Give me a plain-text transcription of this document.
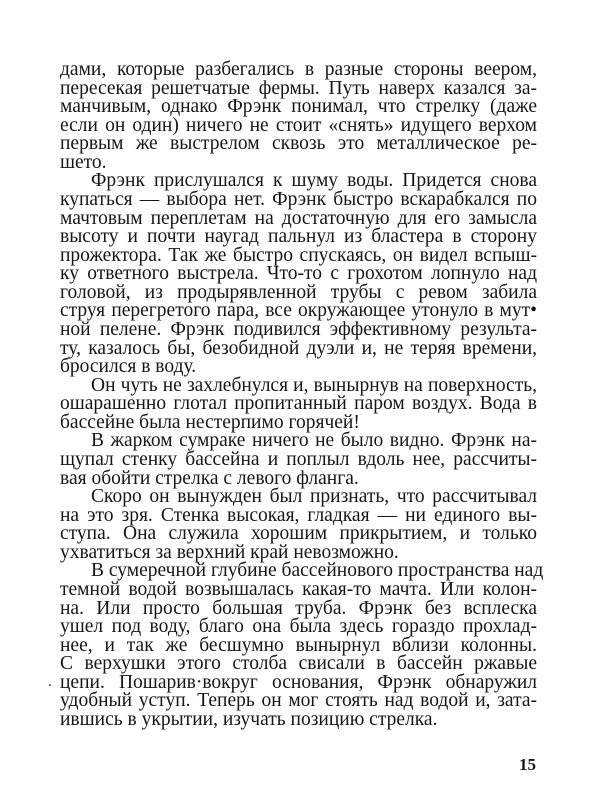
дами, которые разбегались в разные стороны веером,
пересекая решетчатые фермы. Путь наверх казался за-
манчивым, однако Фрэнк понимал, что стрелку (даже
если он один) ничего не стоит «снять» идущего верхом
первым же выстрелом сквозь это металлическое ре-
шето.
Фрэнк прислушался к шуму воды. Придется снова
купаться — выбора нет. Фрэнк быстро вскарабкался по
мачтовым переплетам на достаточную для его замысла
высоту и почти наугад пальнул из бластера в сторону
прожектора. Так же быстро спускаясь, он видел вспыш-
ку ответного выстрела. Что-то с грохотом лопнуло над
головой, из продырявленной трубы с ревом забила
струя перегретого пара, все окружающее утонуло в мут•
ной пелене. Фрэнк подивился эффективному результа-
ту, казалось бы, безобидной дуэли и, не теряя времени,
бросился в воду.
Он чуть не захлебнулся и, вынырнув на поверхность,
ошарашенно глотал пропитанный паром воздух. Вода в
бассейне была нестерпимо горячей!
В жарком сумраке ничего не было видно. Фрэнк на-
щупал стенку бассейна и поплыл вдоль нее, рассчиты-
вая обойти стрелка с левого фланга.
Скоро он вынужден был признать, что рассчитывал
на это зря. Стенка высокая, гладкая — ни единого вы-
ступа. Она служила хорошим прикрытием, и только
ухватиться за верхний край невозможно.
В сумеречной глубине бассейнового пространства над
темной водой возвышалась какая-то мачта. Или колон-
на. Или просто большая труба. Фрэнк без всплеска
ушел под воду, благо она была здесь гораздо прохлад-
нее, и так же бесшумно вынырнул вблизи колонны.
С верхушки этого столба свисали в бассейн ржавые
цепи. Пошарив·вокруг основания, Фрэнк обнаружил
удобный уступ. Теперь он мог стоять над водой и, зата-
ившись в укрытии, изучать позицию стрелка.
15
